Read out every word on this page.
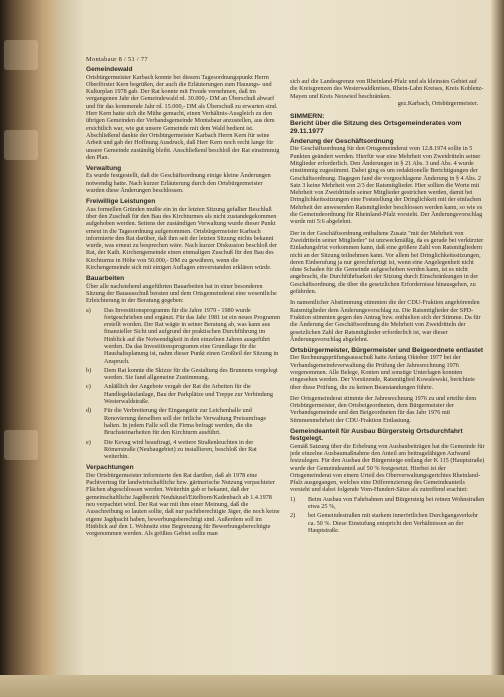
Montabaur 8 / 51 / 77
Gemeindewald

Ortsbürgermeister Karbach konnte bei diesem Tagesordnungspunkt Herrn Oberförster Kern begrüßen, der auch die Erläuterungen zum Hauungs- und Kulturplan 1978 gab. Der Rat konnte mit Freude vernehmen, daß im vergangenen Jahr der Gemeindewald rd. 30.000,- DM an Überschuß abwarf und für das kommende Jahr rd. 15.000,- DM als Überschuß zu erwarten sind. Herr Kern hatte sich die Mühe gemacht, einen Verhältnis-Ausgleich zu den übrigen Gemeinden der Verbandsgemeinde Montabaur anzustellen, aus dem ersichtlich war, wie gut unsere Gemeinde mit dem Wald bedient ist. Abschließend dankte der Ortsbürgermeister Karbach Herrn Kern für seine Arbeit und gab der Hoffnung Ausdruck, daß Herr Kern noch recht lange für unsere Gemeinde zuständig bleibt. Anschließend beschloß der Rat einstimmig den Plan.

Verwaltung

Es wurde festgestellt, daß die Geschäftsordnung einige kleine Änderungen notwendig hatte. Nach kurzer Erläuterung durch den Ortsbürgermeister wurden diese Änderungen beschlossen.

Freiwillige Leistungen

Aus formellen Gründen mußte ein in der letzten Sitzung gefaßter Beschluß über den Zuschuß für den Bau des Kirchturmes als nicht zustandegekommen aufgehoben werden. Seitens der zuständigen Verwaltung wurde dieser Punkt erneut in die Tagesordnung aufgenommen. Ortsbürgermeister Karbach informierte den Rat darüber, daß ihm seit der letzten Sitzung nichts bekannt wurde, was erneut zu besprechen wäre. Nach kurzer Diskussion beschloß der Rat, der Kath. Kirchengemeinde einen einmaligen Zuschuß für den Bau des Kirchturms in Höhe von 50.000,- DM zu gewähren, wenn die Kirchengemeinde sich mit einigen Auflagen einverstanden erklären würde.

Bauarbeiten

Über alle nachstehend angeführten Bauarbeiten hat in einer besonderen Sitzung der Bauausschuß beraten und dem Ortsgemeinderat eine wesentliche Erleichterung in der Beratung gegeben:

a)	Das Investitionsprogramm für die Jahre 1979 - 1980 wurde fortgeschrieben und ergänzt. Für das Jahr 1981 ist ein neues Programm erstellt worden. Der Rat wägte in seiner Beratung ab, was kann aus finanzieller Sicht und aufgrund der praktischen Durchführung im Hinblick auf die Notwendigkeit in den einzelnen Jahren ausgeführt werden. Da das Investitionsprogramm eine Grundlage für die Haushaltsplanung ist, nahm dieser Punkt einen Großteil der Sitzung in Anspruch.
b)	Dem Rat konnte die Skizze für die Gestaltung des Brunnens vorgelegt werden. Sie fand allgemeine Zustimmung.
c)	Anläßlich der Angebote vergab der Rat die Arbeiten für die Handlegeläufanlage, Bau der Parkplätze und Treppe zur Verbindung Westerwaldstraße.
d)	Für die Verbreiterung der Eingangstür zur Leichenhalle und Renovierung derselben soll der örtliche Verwaltung Preisumfrage halten. In jedem Falle soll die Firma befragt werden, die die Bruchsteinarbeiten für den Kirchturm ausführt.
e)	Die Kevag wird beauftragt, 4 weitere Straßenleuchten in der Römerstraße (Neubaugebiet) zu installieren, beschloß der Rat weiterhin.
Verpachtungen

Der Ortsbürgermeister informierte den Rat darüber, daß ab 1978 eine Pachtvertrag für landwirtschaftliche bzw. gärtnerische Nutzung verpachteter Flächen abgeschlossen werden. Weiterhin gab er bekannt, daß der gemeinschaftliche Jagdbezirk Neuhäusel/Eitelborn/Kadenbach ab 1.4.1978 neu verpachtet wird. Der Rat war mit ihm einer Meinung, daß die Ausschreibung so lauten sollte, daß nur pachtberechtigte Jäger, die noch keine eigene Jagdpacht haben, bewerbungsberechtigt sind. Außerdem soll im Hinblick auf den 1. Wohnsitz eine Begrenzung für Bewerbungsberechtigte vorgenommen werden. Als größtes Gebiet sollte man

sich auf die Landesgrenze von Rheinland-Pfalz und als kleinstes Gebiet auf die Kreisgrenzen des Westerwaldkreises, Rhein-Lahn Kreises, Kreis Koblenz-Mayen und Kreis Neuwied beschränken.

gez.Karbach, Ortsbürgermeister.
SIMMERN:
Bericht über die Sitzung des Ortsgemeinderates vom 29.11.1977
Änderung der Geschäftsordnung

Die Geschäftsordnung für den Ortsgemeinderat vom 12.8.1974 sollte in 5 Punkten geändert werden. Hierfür war eine Mehrheit von Zweidritteln seiner Mitglieder erforderlich. Den Änderungen in § 21 Abs. 3 und Abs. 4 wurde einstimmig zugestimmt. Dabei ging es um redaktionelle Berichtigungen der Geschäftsordnung. Dagegen fand die vorgeschlagene Änderung in § 4 Abs. 2 Satz 3 keine Mehrheit von 2/3 der Ratsmitglieder. Hier sollten die Worte mit Mehrheit von Zweidritteln seiner Mitglieder gestrichen werden, damit bei Dringlichkeitssitzungen eine Feststellung der Dringlichkeit mit der einfachen Mehrheit der anwesenden Ratsmitglieder beschlossen werden kann, so wie es die Gemeindeordnung für Rheinland-Pfalz vorsieht. Der Änderungsvorschlag wurde mit 5:6 abgelehnt.

Der in der Geschäftsordnung enthaltene Zusatz "mit der Mehrheit von Zweidritteln seiner Mitglieder" ist unzweckmäßig, da es gerade bei verkürzter Einladungsfrist vorkommen kann, daß eine größere Zahl von Ratsmitgliedern nicht an der Sitzung teilnehmen kann. Vor allem bei Dringlichkeitssitzungen, deren Einberufung ja nur gerechtfertigt ist, wenn eine Angelegenheit nicht ohne Schaden für die Gemeinde aufgeschoben werden kann, ist es nicht angebracht, die Durchführbarkeit der Sitzung durch Einschränkungen in der Geschäftsordnung, die über die gesetzlichen Erfordernisse hinausgehen, zu gefährden.

In namentlicher Abstimmung stimmten die der CDU-Fraktion angehörenden Ratsmitglieder dem Änderungsvorschlag zu. Die Ratsmitglieder der SPD-Fraktion stimmten gegen den Antrag bzw. enthielten sich der Stimme. Da für die Änderung der Geschäftsordnung die Mehrheit von Zweidritteln der gesetzlichen Zahl der Ratsmitglieder erforderlich ist, war dieser Änderungsvorschlag abgelehnt.

Ortsbürgermeister, Bürgermeister und Beigeordnete entlastet

Der Rechnungsprüfungsausschuß hatte Anfang Oktober 1977 bei der Verbandsgemeindeverwaltung die Prüfung der Jahresrechnung 1976 vorgenommen. Alle Belege, Konten und sonstige Unterlagen konnten eingesehen werden. Der Vorsitzende, Ratsmitglied Kowalewski, berichtete über diese Prüfung, die zu keinen Beanstandungen führte.

Der Ortsgemeinderat stimmte der Jahresrechnung 1976 zu und erteilte dem Ortsbürgermeister, den Ortsbeigeordneten, dem Bürgermeister der Verbandsgemeinde und den Beigeordneten für das Jahr 1976 mit Stimmenmehrheit der CDU-Fraktion Entlastung.

Gemeindeanteil für Ausbau Bürgersteig Ortsdurchfahrt festgelegt.

Gemäß Satzung über die Erhebung von Ausbaubeiträgen hat die Gemeinde für jede einzelne Ausbaumaßnahme den Anteil am beitragsfähigen Aufwand festzulegen. Für den Ausbau der Bürgersteige entlang der K 115 (Hauptstraße) wurde der Gemeindeanteil auf 50 % festgesetzt. Hierbei ist der Ortsgemeinderat von einem Urteil des Oberverwaltungsgerichtes Rheinland-Pfalz ausgegangen, welches eine Differenzierung des Gemeindeanteils vorsieht und dabei folgende Vom-Hundert-Sätze als zutreffend erachtet:

1)	Beim Ausbau von Fahrbahnen und Bürgersteig bei reinen Wohnstraßen etwa 25 %,
2)	bei Gemeindestraßen mit starkem innerörtlichen Durchgangsverkehr ca. 50 %. Diese Einstufung entspricht den Verhältnissen an der Hauptstraße.
